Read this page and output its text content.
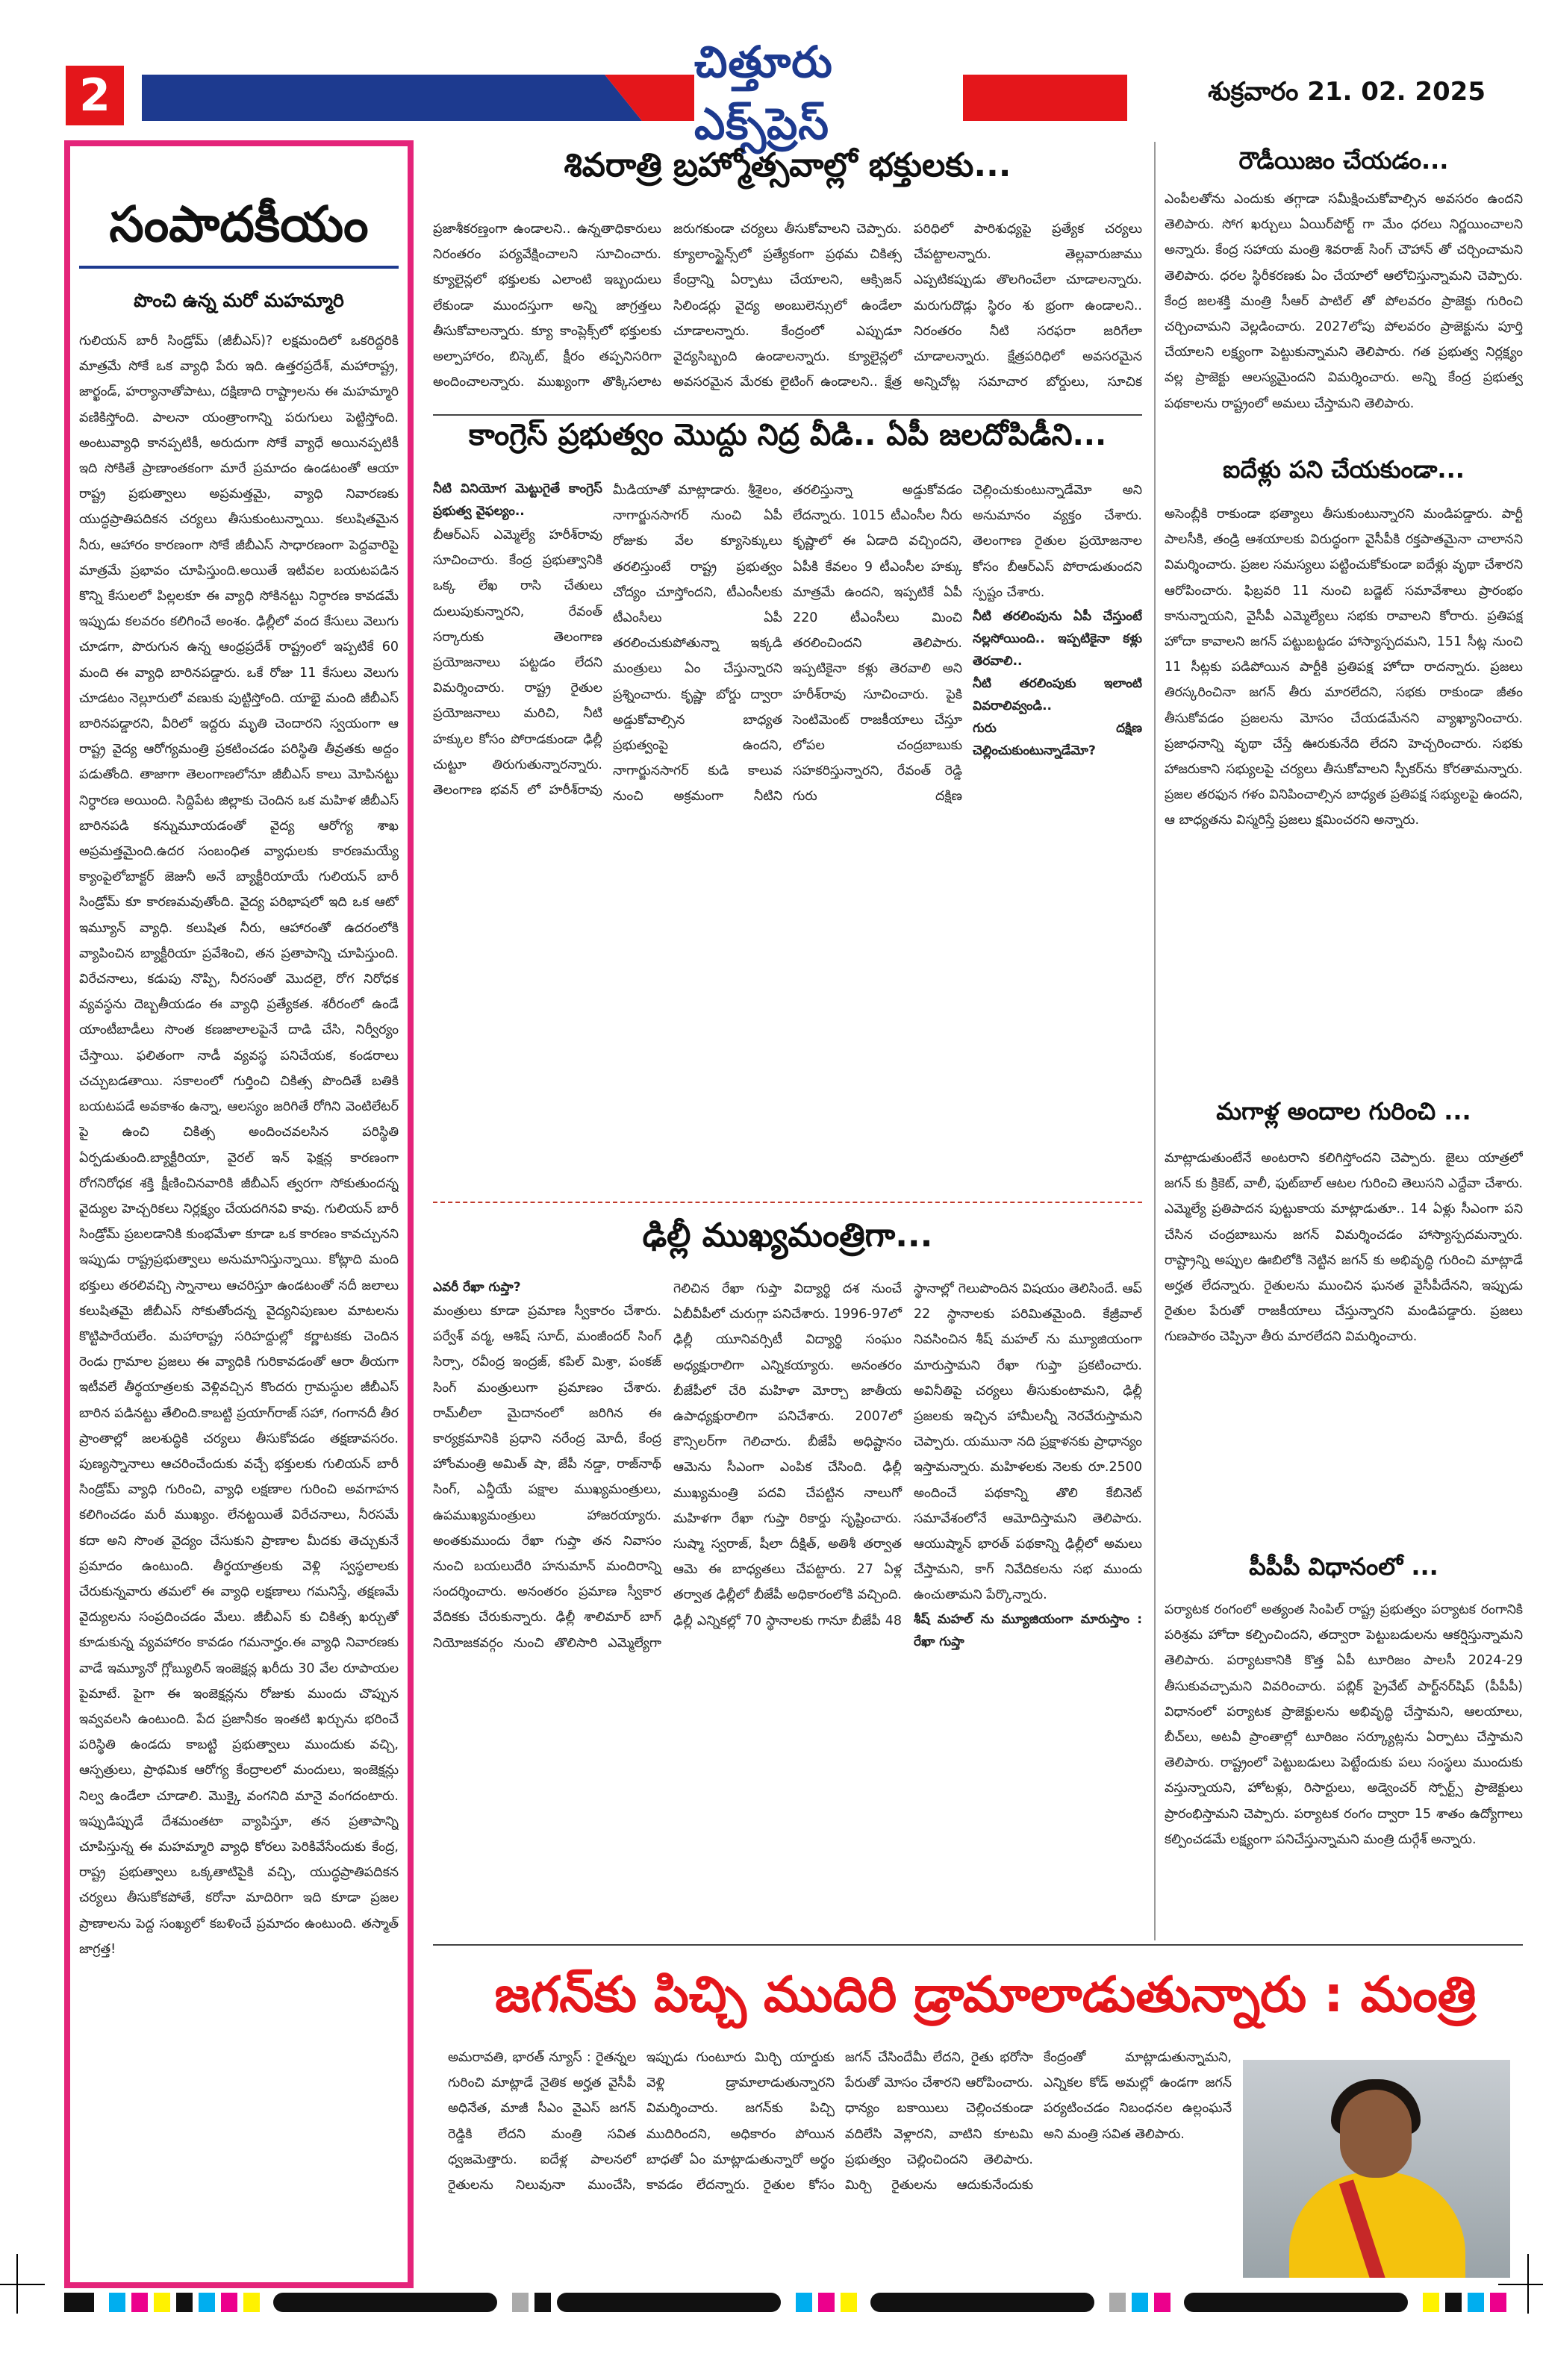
2
చిత్తూరు ఎక్స్‌ప్రెస్
శుక్రవారం 21. 02. 2025
సంపాదకీయం
పొంచి ఉన్న మరో మహమ్మారి

గులియన్ బారీ సిండ్రోమ్ (జీబీఎస్)? లక్షమందిలో ఒకరిద్దరికి మాత్రమే సోకే ఒక వ్యాధి పేరు ఇది. ఉత్తరప్రదేశ్, మహారాష్ట్ర, జార్ఖండ్, హర్యానాతోపాటు, దక్షిణాది రాష్ట్రాలను ఈ మహమ్మారి వణికిస్తోంది. పాలనా యంత్రాంగాన్ని పరుగులు పెట్టిస్తోంది. అంటువ్యాధి కానప్పటికీ, అరుదుగా సోకే వ్యాధే అయినప్పటికీ ఇది సోకితే ప్రాణాంతకంగా మారే ప్రమాదం ఉండటంతో ఆయా రాష్ట్ర ప్రభుత్వాలు అప్రమత్తమై, వ్యాధి నివారణకు యుద్ధప్రాతిపదికన చర్యలు తీసుకుంటున్నాయి. కలుషితమైన నీరు, ఆహారం కారణంగా సోకే జీబీఎస్ సాధారణంగా పెద్దవారిపై మాత్రమే ప్రభావం చూపిస్తుంది.అయితే ఇటీవల బయటపడిన కొన్ని కేసులలో పిల్లలకూ ఈ వ్యాధి సోకినట్టు నిర్ధారణ కావడమే ఇప్పుడు కలవరం కలిగించే అంశం. ఢిల్లీలో వంద కేసులు వెలుగు చూడగా, పొరుగున ఉన్న ఆంధ్రప్రదేశ్ రాష్ట్రంలో ఇప్పటికే 60 మంది ఈ వ్యాధి బారినపడ్డారు. ఒకే రోజు 11 కేసులు వెలుగు చూడటం నెల్లూరులో వణుకు పుట్టిస్తోంది. యాభై మంది జీబీఎస్ బారినపడ్డారని, వీరిలో ఇద్దరు మృతి చెందారని స్వయంగా ఆ రాష్ట్ర వైద్య ఆరోగ్యమంత్రి ప్రకటించడం పరిస్థితి తీవ్రతకు అద్దం పడుతోంది. తాజాగా తెలంగాణలోనూ జీబీఎస్ కాలు మోపినట్టు నిర్ధారణ అయింది. సిద్దిపేట జిల్లాకు చెందిన ఒక మహిళ జీబీఎస్ బారినపడి కన్నుమూయడంతో వైద్య ఆరోగ్య శాఖ అప్రమత్తమైంది.ఉదర సంబంధిత వ్యాధులకు కారణమయ్యే క్యాంపైలోబాక్టర్ జెజునీ అనే బ్యాక్టీరియాయే గులియన్ బారీ సిండ్రోమ్ కూ కారణమవుతోంది. వైద్య పరిభాషలో ఇది ఒక ఆటో ఇమ్యూన్ వ్యాధి. కలుషిత నీరు, ఆహారంతో ఉదరంలోకి వ్యాపించిన బ్యాక్టీరియా ప్రవేశించి, తన ప్రతాపాన్ని చూపిస్తుంది. విరేచనాలు, కడుపు నొప్పి, నీరసంతో మొదలై, రోగ నిరోధక వ్యవస్థను దెబ్బతీయడం ఈ వ్యాధి ప్రత్యేకత. శరీరంలో ఉండే యాంటీబాడీలు సొంత కణజాలాలపైనే దాడి చేసి, నిర్వీర్యం చేస్తాయి. ఫలితంగా నాడీ వ్యవస్థ పనిచేయక, కండరాలు చచ్చుబడతాయి. సకాలంలో గుర్తించి చికిత్స పొందితే బతికి బయటపడే అవకాశం ఉన్నా, ఆలస్యం జరిగితే రోగిని వెంటిలేటర్ పై ఉంచి చికిత్స అందించవలసిన పరిస్థితి ఏర్పడుతుంది.బ్యాక్టీరియా, వైరల్ ఇన్ ఫెక్షన్ల కారణంగా రోగనిరోధక శక్తి క్షీణించినవారికి జీబీఎస్ త్వరగా సోకుతుందన్న వైద్యుల హెచ్చరికలు నిర్లక్ష్యం చేయదగినవి కావు. గులియన్ బారీ సిండ్రోమ్ ప్రబలడానికి కుంభమేళా కూడా ఒక కారణం కావచ్చునని ఇప్పుడు రాష్ట్రప్రభుత్వాలు అనుమానిస్తున్నాయి. కోట్లాది మంది భక్తులు తరలివచ్చి స్నానాలు ఆచరిస్తూ ఉండటంతో నదీ జలాలు కలుషితమై జీబీఎస్ సోకుతోందన్న వైద్యనిపుణుల మాటలను కొట్టిపారేయలేం. మహారాష్ట్ర సరిహద్దుల్లో కర్ణాటకకు చెందిన రెండు గ్రామాల ప్రజలు ఈ వ్యాధికి గురికావడంతో ఆరా తీయగా ఇటీవలే తీర్థయాత్రలకు వెళ్లివచ్చిన కొందరు గ్రామస్థుల జీబీఎస్ బారిన పడినట్టు తేలింది.కాబట్టి ప్రయాగ్‌రాజ్ సహా, గంగానదీ తీర ప్రాంతాల్లో జలశుద్ధికి చర్యలు తీసుకోవడం తక్షణావసరం. పుణ్యస్నానాలు ఆచరించేందుకు వచ్చే భక్తులకు గులియన్ బారీ సిండ్రోమ్ వ్యాధి గురించి, వ్యాధి లక్షణాల గురించి అవగాహన కలిగించడం మరీ ముఖ్యం. లేనట్టయితే విరేచనాలు, నీరసమే కదా అని సొంత వైద్యం చేసుకుని ప్రాణాల మీదకు తెచ్చుకునే ప్రమాదం ఉంటుంది. తీర్థయాత్రలకు వెళ్లి స్వస్థలాలకు చేరుకున్నవారు తమలో ఈ వ్యాధి లక్షణాలు గమనిస్తే, తక్షణమే వైద్యులను సంప్రదించడం మేలు. జీబీఎస్ కు చికిత్స ఖర్చుతో కూడుకున్న వ్యవహారం కావడం గమనార్హం.ఈ వ్యాధి నివారణకు వాడే ఇమ్యూనో గ్లోబ్యులిన్ ఇంజెక్షన్ల ఖరీదు 30 వేల రూపాయల పైమాటే. పైగా ఈ ఇంజెక్షన్లను రోజుకు ముందు చొప్పున ఇవ్వవలసి ఉంటుంది. పేద ప్రజానీకం ఇంతటి ఖర్చును భరించే పరిస్థితి ఉండదు కాబట్టి ప్రభుత్వాలు ముందుకు వచ్చి, ఆస్పత్రులు, ప్రాథమిక ఆరోగ్య కేంద్రాలలో మందులు, ఇంజెక్షన్లు నిల్వ ఉండేలా చూడాలి. మొక్కై వంగనిది మానై వంగదంటారు. ఇప్పుడిప్పుడే దేశమంతటా వ్యాపిస్తూ, తన ప్రతాపాన్ని చూపిస్తున్న ఈ మహమ్మారి వ్యాధి కోరలు పెరికివేసేందుకు కేంద్ర, రాష్ట్ర ప్రభుత్వాలు ఒక్కతాటిపైకి వచ్చి, యుద్ధప్రాతిపదికన చర్యలు తీసుకోకపోతే, కరోనా మాదిరిగా ఇది కూడా ప్రజల ప్రాణాలను పెద్ద సంఖ్యలో కబళించే ప్రమాదం ఉంటుంది. తస్మాత్ జాగ్రత్త!

శివరాత్రి బ్రహ్మోత్సవాల్లో భక్తులకు...

ప్రజాశీకరణ్తంగా ఉండాలని.. ఉన్నతాధికారులు నిరంతరం పర్యవేక్షించాలని సూచించారు. క్యూలైన్లలో భక్తులకు ఎలాంటి ఇబ్బందులు లేకుండా ముందస్తుగా అన్ని జాగ్రత్తలు తీసుకోవాలన్నారు. క్యూ కాంప్లెక్స్‌లో భక్తులకు అల్పాహారం, బిస్కెట్, క్షీరం తప్పనిసరిగా అందించాలన్నారు. ముఖ్యంగా తొక్కిసలాట జరుగకుండా చర్యలు తీసుకోవాలని చెప్పారు. క్యూలాంస్టైన్స్‌లో ప్రత్యేకంగా ప్రథమ చికిత్స కేంద్రాన్ని ఏర్పాటు చేయాలని, ఆక్సిజన్ సిలిండర్లు వైద్య అంబులెన్సులో ఉండేలా చూడాలన్నారు. కేంద్రంలో ఎప్పుడూ వైద్యసిబ్బంది ఉండాలన్నారు. క్యూలైన్లలో అవసరమైన మేరకు లైటింగ్ ఉండాలని.. క్షేత్ర పరిధిలో పారిశుధ్యపై ప్రత్యేక చర్యలు చేపట్టాలన్నారు. తెల్లవారుజాము ఎప్పటికప్పుడు తొలగించేలా చూడాలన్నారు. మరుగుదొడ్లు స్థిరం శు భ్రంగా ఉండాలని.. నిరంతరం నీటి సరఫరా జరిగేలా చూడాలన్నారు. క్షేత్రపరిధిలో అవసరమైన అన్నిచోట్ల సమాచార బోర్డులు, సూచిక

కాంగ్రెస్ ప్రభుత్వం మొద్దు నిద్ర వీడి.. ఏపీ జలదోపిడీని...

నీటి వినియోగ మెట్టుగైతే కాంగ్రెస్ ప్రభుత్వ వైఫల్యం..

బీఆర్ఎస్ ఎమ్మెల్యే హరీశ్‌రావు సూచించారు. కేంద్ర ప్రభుత్వానికి ఒక్క లేఖ రాసి చేతులు దులుపుకున్నారని, రేవంత్ సర్కారుకు తెలంగాణ ప్రయోజనాలు పట్టడం లేదని విమర్శించారు. రాష్ట్ర రైతుల ప్రయోజనాలు మరిచి, నీటి హక్కుల కోసం పోరాడకుండా ఢిల్లీ చుట్టూ తిరుగుతున్నారన్నారు. తెలంగాణ భవన్ లో హరీశ్‌రావు మీడియాతో మాట్లాడారు. శ్రీశైలం, నాగార్జునసాగర్ నుంచి ఏపీ రోజుకు వేల క్యూసెక్కులు తరలిస్తుంటే రాష్ట్ర ప్రభుత్వం చోద్యం చూస్తోందని, టీఎంసీలకు టీఎంసీలు ఏపీ తరలించుకుపోతున్నా ఇక్కడి మంత్రులు ఏం చేస్తున్నారని ప్రశ్నించారు. కృష్ణా బోర్డు ద్వారా అడ్డుకోవాల్సిన బాధ్యత ప్రభుత్వంపై ఉందని, నాగార్జునసాగర్ కుడి కాలువ నుంచి అక్రమంగా నీటిని తరలిస్తున్నా అడ్డుకోవడం లేదన్నారు. 1015 టీఎంసీల నీరు కృష్ణాలో ఈ ఏడాది వచ్చిందని, ఏపీకి కేవలం 9 టీఎంసీల హక్కు మాత్రమే ఉందని, ఇప్పటికే ఏపీ 220 టీఎంసీలు మించి తరలించిందని తెలిపారు. ఇప్పటికైనా కళ్లు తెరవాలి అని హరీశ్‌రావు సూచించారు. పైకి సెంటిమెంట్ రాజకీయాలు చేస్తూ లోపల చంద్రబాబుకు సహకరిస్తున్నారని, రేవంత్ రెడ్డి గురు దక్షిణ చెల్లించుకుంటున్నాడేమో అని అనుమానం వ్యక్తం చేశారు. తెలంగాణ రైతుల ప్రయోజనాల కోసం బీఆర్ఎస్ పోరాడుతుందని స్పష్టం చేశారు.

నీటి తరలింపును ఏపీ చేస్తుంటే నల్లసోయింది.. ఇప్పటికైనా కళ్లు తెరవాలి..

నీటి తరలింపుకు ఇలాంటి వివరాలివ్వండి..

గురు దక్షిణ చెల్లించుకుంటున్నాడేమో?

ఢిల్లీ ముఖ్యమంత్రిగా...

ఎవరీ రేఖా గుప్తా?

మంత్రులు కూడా ప్రమాణ స్వీకారం చేశారు. పర్వేశ్ వర్మ, ఆశిష్ సూద్, మంజీందర్ సింగ్ సిర్సా, రవీంద్ర ఇంద్రజ్, కపిల్ మిశ్రా, పంకజ్ సింగ్ మంత్రులుగా ప్రమాణం చేశారు. రామ్‌లీలా మైదానంలో జరిగిన ఈ కార్యక్రమానికి ప్రధాని నరేంద్ర మోదీ, కేంద్ర హోంమంత్రి అమిత్ షా, జేపీ నడ్డా, రాజ్‌నాథ్ సింగ్, ఎన్డీయే పక్షాల ముఖ్యమంత్రులు, ఉపముఖ్యమంత్రులు హాజరయ్యారు. అంతకుముందు రేఖా గుప్తా తన నివాసం నుంచి బయలుదేరి హనుమాన్ మందిరాన్ని సందర్శించారు. అనంతరం ప్రమాణ స్వీకార వేదికకు చేరుకున్నారు. ఢిల్లీ శాలిమార్ బాగ్ నియోజకవర్గం నుంచి తొలిసారి ఎమ్మెల్యేగా గెలిచిన రేఖా గుప్తా విద్యార్థి దశ నుంచే ఏబీవీపీలో చురుగ్గా పనిచేశారు. 1996-97లో ఢిల్లీ యూనివర్సిటీ విద్యార్థి సంఘం అధ్యక్షురాలిగా ఎన్నికయ్యారు. అనంతరం బీజేపీలో చేరి మహిళా మోర్చా జాతీయ ఉపాధ్యక్షురాలిగా పనిచేశారు. 2007లో కౌన్సిలర్‌గా గెలిచారు. బీజేపీ అధిష్టానం ఆమెను సీఎంగా ఎంపిక చేసింది. ఢిల్లీ ముఖ్యమంత్రి పదవి చేపట్టిన నాలుగో మహిళగా రేఖా గుప్తా రికార్డు సృష్టించారు. సుష్మా స్వరాజ్, షీలా దీక్షిత్, అతిశీ తర్వాత ఆమె ఈ బాధ్యతలు చేపట్టారు. 27 ఏళ్ల తర్వాత ఢిల్లీలో బీజేపీ అధికారంలోకి వచ్చింది. ఢిల్లీ ఎన్నికల్లో 70 స్థానాలకు గానూ బీజేపీ 48 స్థానాల్లో గెలుపొందిన విషయం తెలిసిందే. ఆప్ 22 స్థానాలకు పరిమితమైంది. కేజ్రీవాల్ నివసించిన శీష్ మహల్ ను మ్యూజియంగా మారుస్తామని రేఖా గుప్తా ప్రకటించారు. అవినీతిపై చర్యలు తీసుకుంటామని, ఢిల్లీ ప్రజలకు ఇచ్చిన హామీలన్నీ నెరవేరుస్తామని చెప్పారు. యమునా నది ప్రక్షాళనకు ప్రాధాన్యం ఇస్తామన్నారు. మహిళలకు నెలకు రూ.2500 అందించే పథకాన్ని తొలి కేబినెట్ సమావేశంలోనే ఆమోదిస్తామని తెలిపారు. ఆయుష్మాన్ భారత్ పథకాన్ని ఢిల్లీలో అమలు చేస్తామని, కాగ్ నివేదికలను సభ ముందు ఉంచుతామని పేర్కొన్నారు.

శీష్ మహల్ ను మ్యూజియంగా మారుస్తాం : రేఖా గుప్తా

రౌడీయిజం చేయడం...

ఎంపీలతోను ఎందుకు తగ్గాడా సమీక్షించుకోవాల్సిన అవసరం ఉందని తెలిపారు. సోగ ఖర్చులు ఏయిర్‌పోర్ట్ గా మేం ధరలు నిర్ణయించాలని అన్నారు. కేంద్ర సహాయ మంత్రి శివరాజ్ సింగ్ చౌహాన్ తో చర్చించామని తెలిపారు. ధరల స్థిరీకరణకు ఏం చేయాలో ఆలోచిస్తున్నామని చెప్పారు. కేంద్ర జలశక్తి మంత్రి సీఆర్ పాటిల్ తో పోలవరం ప్రాజెక్టు గురించి చర్చించామని వెల్లడించారు. 2027లోపు పోలవరం ప్రాజెక్టును పూర్తి చేయాలని లక్ష్యంగా పెట్టుకున్నామని తెలిపారు. గత ప్రభుత్వ నిర్లక్ష్యం వల్ల ప్రాజెక్టు ఆలస్యమైందని విమర్శించారు. అన్ని కేంద్ర ప్రభుత్వ పథకాలను రాష్ట్రంలో అమలు చేస్తామని తెలిపారు.

ఐదేళ్లు పని చేయకుండా...

అసెంబ్లీకి రాకుండా భత్యాలు తీసుకుంటున్నారని మండిపడ్డారు. పార్టీ పాలసీకి, తండ్రి ఆశయాలకు విరుద్ధంగా వైసీపీకి రక్తపాతమైనా చాలానని విమర్శించారు. ప్రజల సమస్యలు పట్టించుకోకుండా ఐదేళ్లు వృథా చేశారని ఆరోపించారు. ఫిబ్రవరి 11 నుంచి బడ్జెట్ సమావేశాలు ప్రారంభం కానున్నాయని, వైసీపీ ఎమ్మెల్యేలు సభకు రావాలని కోరారు. ప్రతిపక్ష హోదా కావాలని జగన్ పట్టుబట్టడం హాస్యాస్పదమని, 151 సీట్ల నుంచి 11 సీట్లకు పడిపోయిన పార్టీకి ప్రతిపక్ష హోదా రాదన్నారు. ప్రజలు తిరస్కరించినా జగన్ తీరు మారలేదని, సభకు రాకుండా జీతం తీసుకోవడం ప్రజలను మోసం చేయడమేనని వ్యాఖ్యానించారు. ప్రజాధనాన్ని వృథా చేస్తే ఊరుకునేది లేదని హెచ్చరించారు. సభకు హాజరుకాని సభ్యులపై చర్యలు తీసుకోవాలని స్పీకర్‌ను కోరతామన్నారు. ప్రజల తరఫున గళం వినిపించాల్సిన బాధ్యత ప్రతిపక్ష సభ్యులపై ఉందని, ఆ బాధ్యతను విస్మరిస్తే ప్రజలు క్షమించరని అన్నారు.

మగాళ్ల అందాల గురించి ...

మాట్లాడుతుంటేనే అంటరాని కలిగిస్తోందని చెప్పారు. జైలు యాత్రలో జగన్ కు క్రికెట్, వాలీ, ఫుట్‌బాల్ ఆటల గురించి తెలుసని ఎద్దేవా చేశారు. ఎమ్మెల్యే ప్రతిపాదన పుట్టుకాయ మాట్లాడుతూ.. 14 ఏళ్లు సీఎంగా పని చేసిన చంద్రబాబును జగన్ విమర్శించడం హాస్యాస్పదమన్నారు. రాష్ట్రాన్ని అప్పుల ఊబిలోకి నెట్టిన జగన్ కు అభివృద్ధి గురించి మాట్లాడే అర్హత లేదన్నారు. రైతులను ముంచిన ఘనత వైసీపీదేనని, ఇప్పుడు రైతుల పేరుతో రాజకీయాలు చేస్తున్నారని మండిపడ్డారు. ప్రజలు గుణపాఠం చెప్పినా తీరు మారలేదని విమర్శించారు.

పీపీపీ విధానంలో ...

పర్యాటక రంగంలో అత్యంత సింపిల్ రాష్ట్ర ప్రభుత్వం పర్యాటక రంగానికి పరిశ్రమ హోదా కల్పించిందని, తద్వారా పెట్టుబడులను ఆకర్షిస్తున్నామని తెలిపారు. పర్యాటకానికి కొత్త ఏపీ టూరిజం పాలసీ 2024-29 తీసుకువచ్చామని వివరించారు. పబ్లిక్ ప్రైవేట్ పార్ట్‌నర్‌షిప్ (పీపీపీ) విధానంలో పర్యాటక ప్రాజెక్టులను అభివృద్ధి చేస్తామని, ఆలయాలు, బీచ్‌లు, అటవీ ప్రాంతాల్లో టూరిజం సర్క్యూట్లను ఏర్పాటు చేస్తామని తెలిపారు. రాష్ట్రంలో పెట్టుబడులు పెట్టేందుకు పలు సంస్థలు ముందుకు వస్తున్నాయని, హోటళ్లు, రిసార్టులు, అడ్వెంచర్ స్పోర్ట్స్ ప్రాజెక్టులు ప్రారంభిస్తామని చెప్పారు. పర్యాటక రంగం ద్వారా 15 శాతం ఉద్యోగాలు కల్పించడమే లక్ష్యంగా పనిచేస్తున్నామని మంత్రి దుర్గేశ్ అన్నారు.

జగన్‌కు పిచ్చి ముదిరి డ్రామాలాడుతున్నారు : మంత్రి

అమరావతి, భారత్ న్యూస్ : రైతన్నల గురించి మాట్లాడే నైతిక అర్హత వైసీపీ అధినేత, మాజీ సీఎం వైఎస్ జగన్ రెడ్డికి లేదని మంత్రి సవిత ధ్వజమెత్తారు. ఐదేళ్ల పాలనలో రైతులను నిలువునా ముంచేసి, ఇప్పుడు గుంటూరు మిర్చి యార్డుకు వెళ్లి డ్రామాలాడుతున్నారని విమర్శించారు. జగన్‌కు పిచ్చి ముదిరిందని, అధికారం పోయిన బాధతో ఏం మాట్లాడుతున్నారో అర్థం కావడం లేదన్నారు. రైతుల కోసం జగన్ చేసిందేమీ లేదని, రైతు భరోసా పేరుతో మోసం చేశారని ఆరోపించారు. ధాన్యం బకాయిలు చెల్లించకుండా వదిలేసి వెళ్లారని, వాటిని కూటమి ప్రభుత్వం చెల్లించిందని తెలిపారు. మిర్చి రైతులను ఆదుకునేందుకు కేంద్రంతో మాట్లాడుతున్నామని, ఎన్నికల కోడ్ అమల్లో ఉండగా జగన్ పర్యటించడం నిబంధనల ఉల్లంఘనే అని మంత్రి సవిత తెలిపారు.
